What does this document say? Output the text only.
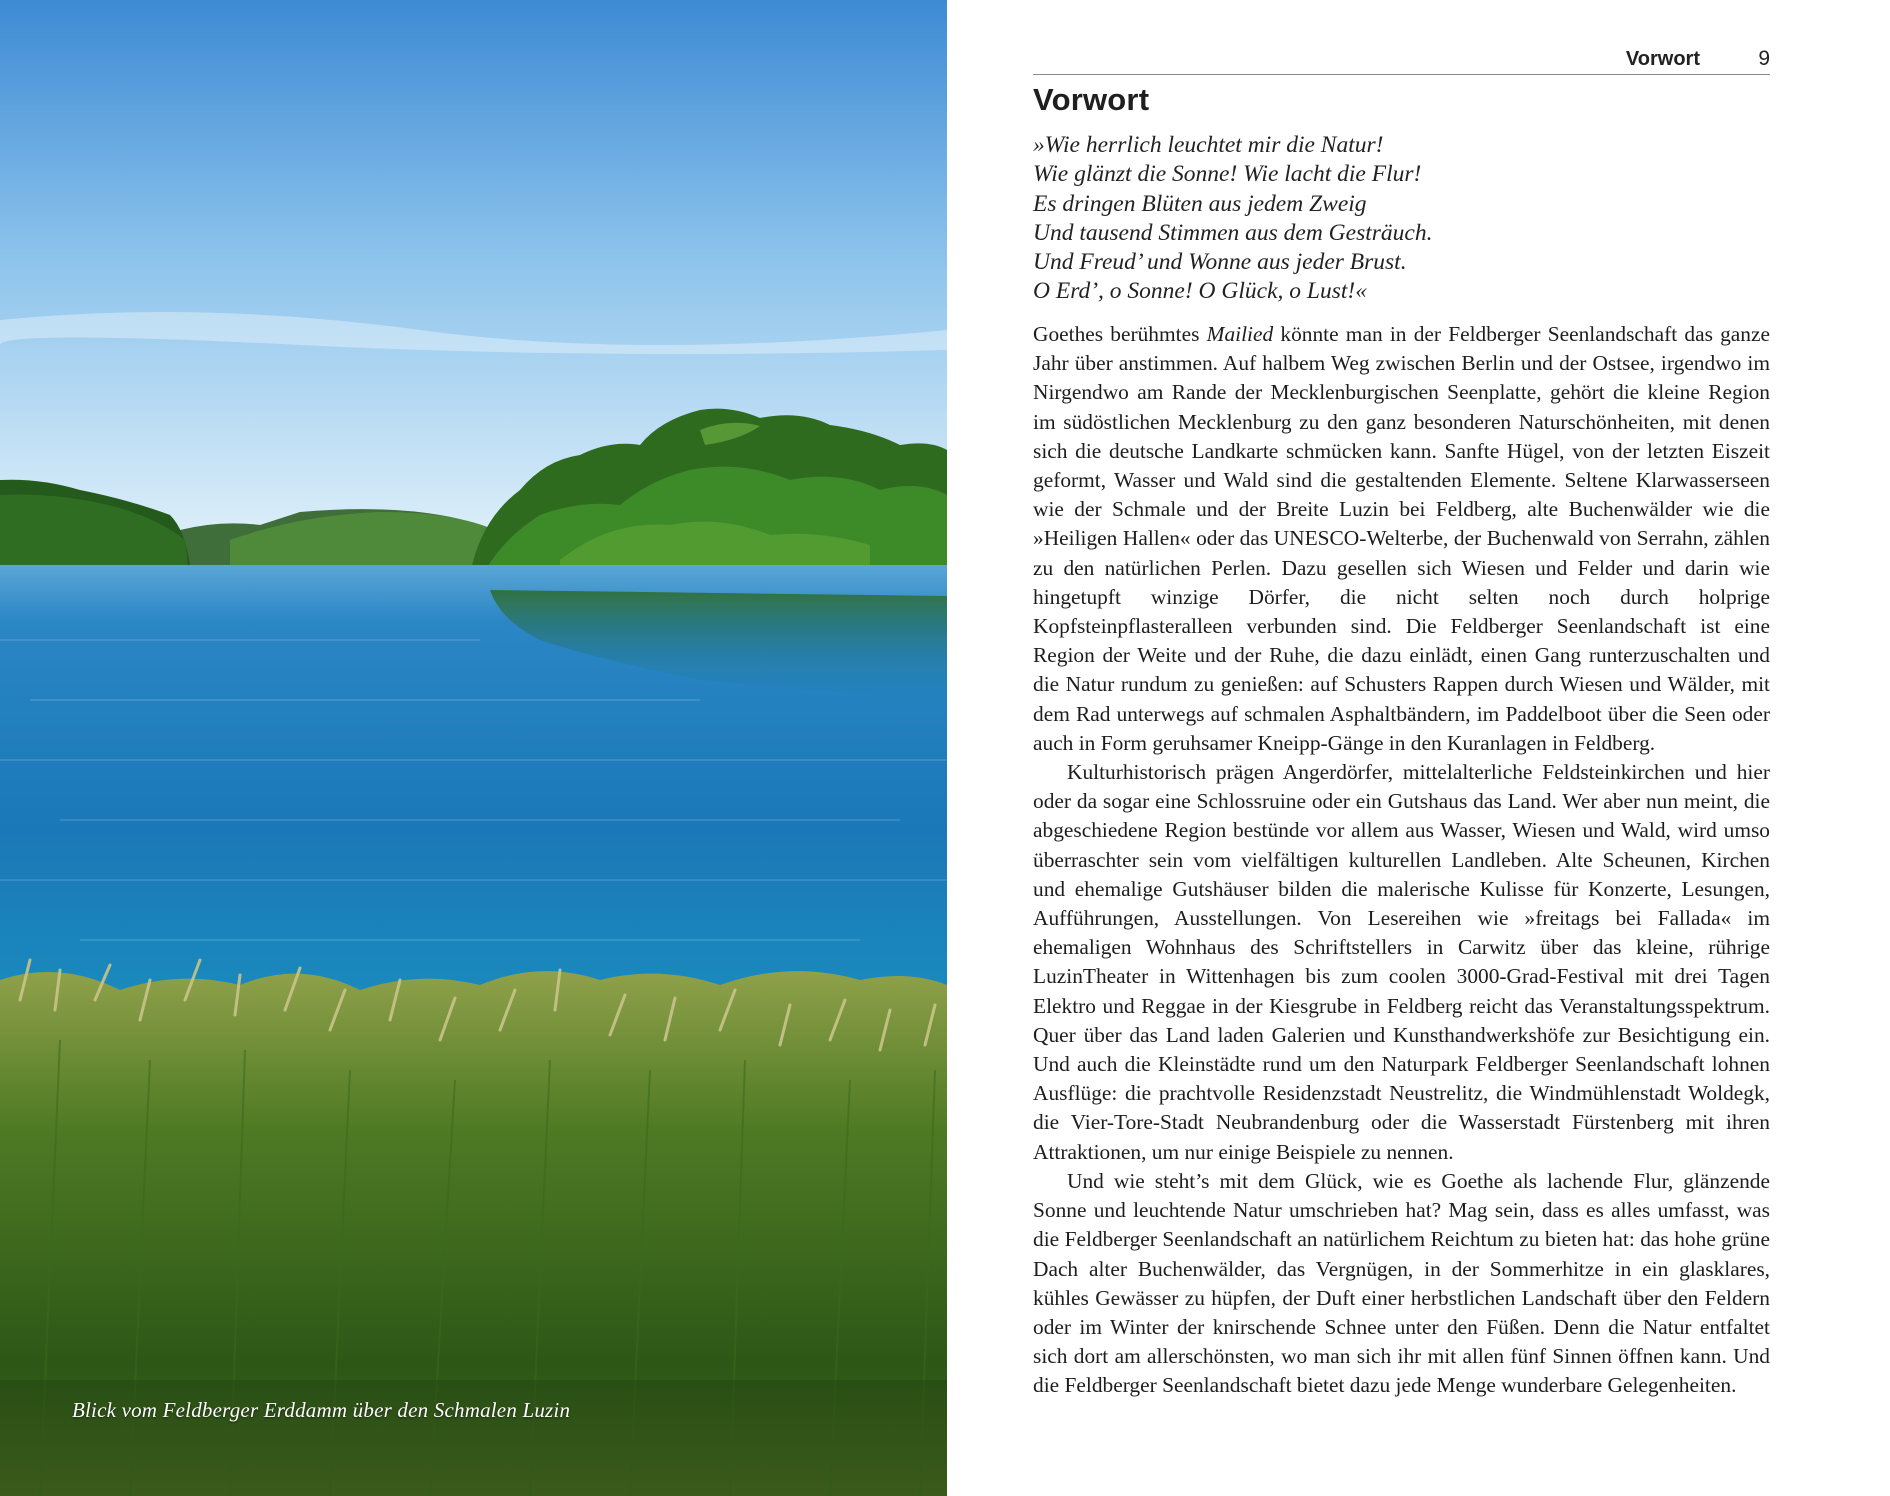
Blick vom Feldberger Erddamm über den Schmalen Luzin
Vorwort	9
Vorwort
»Wie herrlich leuchtet mir die Natur!
Wie glänzt die Sonne! Wie lacht die Flur!
Es dringen Blüten aus jedem Zweig
Und tausend Stimmen aus dem Gesträuch.
Und Freud’ und Wonne aus jeder Brust.
O Erd’, o Sonne! O Glück, o Lust!«

Goethes berühmtes Mailied könnte man in der Feldberger Seenlandschaft das ganze Jahr über anstimmen. Auf halbem Weg zwischen Berlin und der Ostsee, irgendwo im Nirgendwo am Rande der Mecklenburgischen Seenplatte, gehört die kleine Region im südöstlichen Mecklenburg zu den ganz besonderen Naturschönheiten, mit denen sich die deutsche Landkarte schmücken kann. Sanfte Hügel, von der letzten Eiszeit geformt, Wasser und Wald sind die gestaltenden Elemente. Seltene Klarwasserseen wie der Schmale und der Breite Luzin bei Feldberg, alte Buchenwälder wie die »Heiligen Hallen« oder das UNESCO-Welterbe, der Buchenwald von Serrahn, zählen zu den natürlichen Perlen. Dazu gesellen sich Wiesen und Felder und darin wie hingetupft winzige Dörfer, die nicht selten noch durch holprige Kopfsteinpflasteralleen verbunden sind. Die Feldberger Seenlandschaft ist eine Region der Weite und der Ruhe, die dazu einlädt, einen Gang runterzuschalten und die Natur rundum zu genießen: auf Schusters Rappen durch Wiesen und Wälder, mit dem Rad unterwegs auf schmalen Asphaltbändern, im Paddelboot über die Seen oder auch in Form geruhsamer Kneipp-Gänge in den Kuranlagen in Feldberg.

Kulturhistorisch prägen Angerdörfer, mittelalterliche Feldsteinkirchen und hier oder da sogar eine Schlossruine oder ein Gutshaus das Land. Wer aber nun meint, die abgeschiedene Region bestünde vor allem aus Wasser, Wiesen und Wald, wird umso überraschter sein vom vielfältigen kulturellen Landleben. Alte Scheunen, Kirchen und ehemalige Gutshäuser bilden die malerische Kulisse für Konzerte, Lesungen, Aufführungen, Ausstellungen. Von Lesereihen wie »freitags bei Fallada« im ehemaligen Wohnhaus des Schriftstellers in Carwitz über das kleine, rührige LuzinTheater in Wittenhagen bis zum coolen 3000-Grad-Festival mit drei Tagen Elektro und Reggae in der Kiesgrube in Feldberg reicht das Veranstaltungsspektrum. Quer über das Land laden Galerien und Kunsthandwerkshöfe zur Besichtigung ein. Und auch die Kleinstädte rund um den Naturpark Feldberger Seenlandschaft lohnen Ausflüge: die prachtvolle Residenzstadt Neustrelitz, die Windmühlenstadt Woldegk, die Vier-Tore-Stadt Neubrandenburg oder die Wasserstadt Fürstenberg mit ihren Attraktionen, um nur einige Beispiele zu nennen.

Und wie steht’s mit dem Glück, wie es Goethe als lachende Flur, glänzende Sonne und leuchtende Natur umschrieben hat? Mag sein, dass es alles umfasst, was die Feldberger Seenlandschaft an natürlichem Reichtum zu bieten hat: das hohe grüne Dach alter Buchenwälder, das Vergnügen, in der Sommerhitze in ein glasklares, kühles Gewässer zu hüpfen, der Duft einer herbstlichen Landschaft über den Feldern oder im Winter der knirschende Schnee unter den Füßen. Denn die Natur entfaltet sich dort am allerschönsten, wo man sich ihr mit allen fünf Sinnen öffnen kann. Und die Feldberger Seenlandschaft bietet dazu jede Menge wunderbare Gelegenheiten.
